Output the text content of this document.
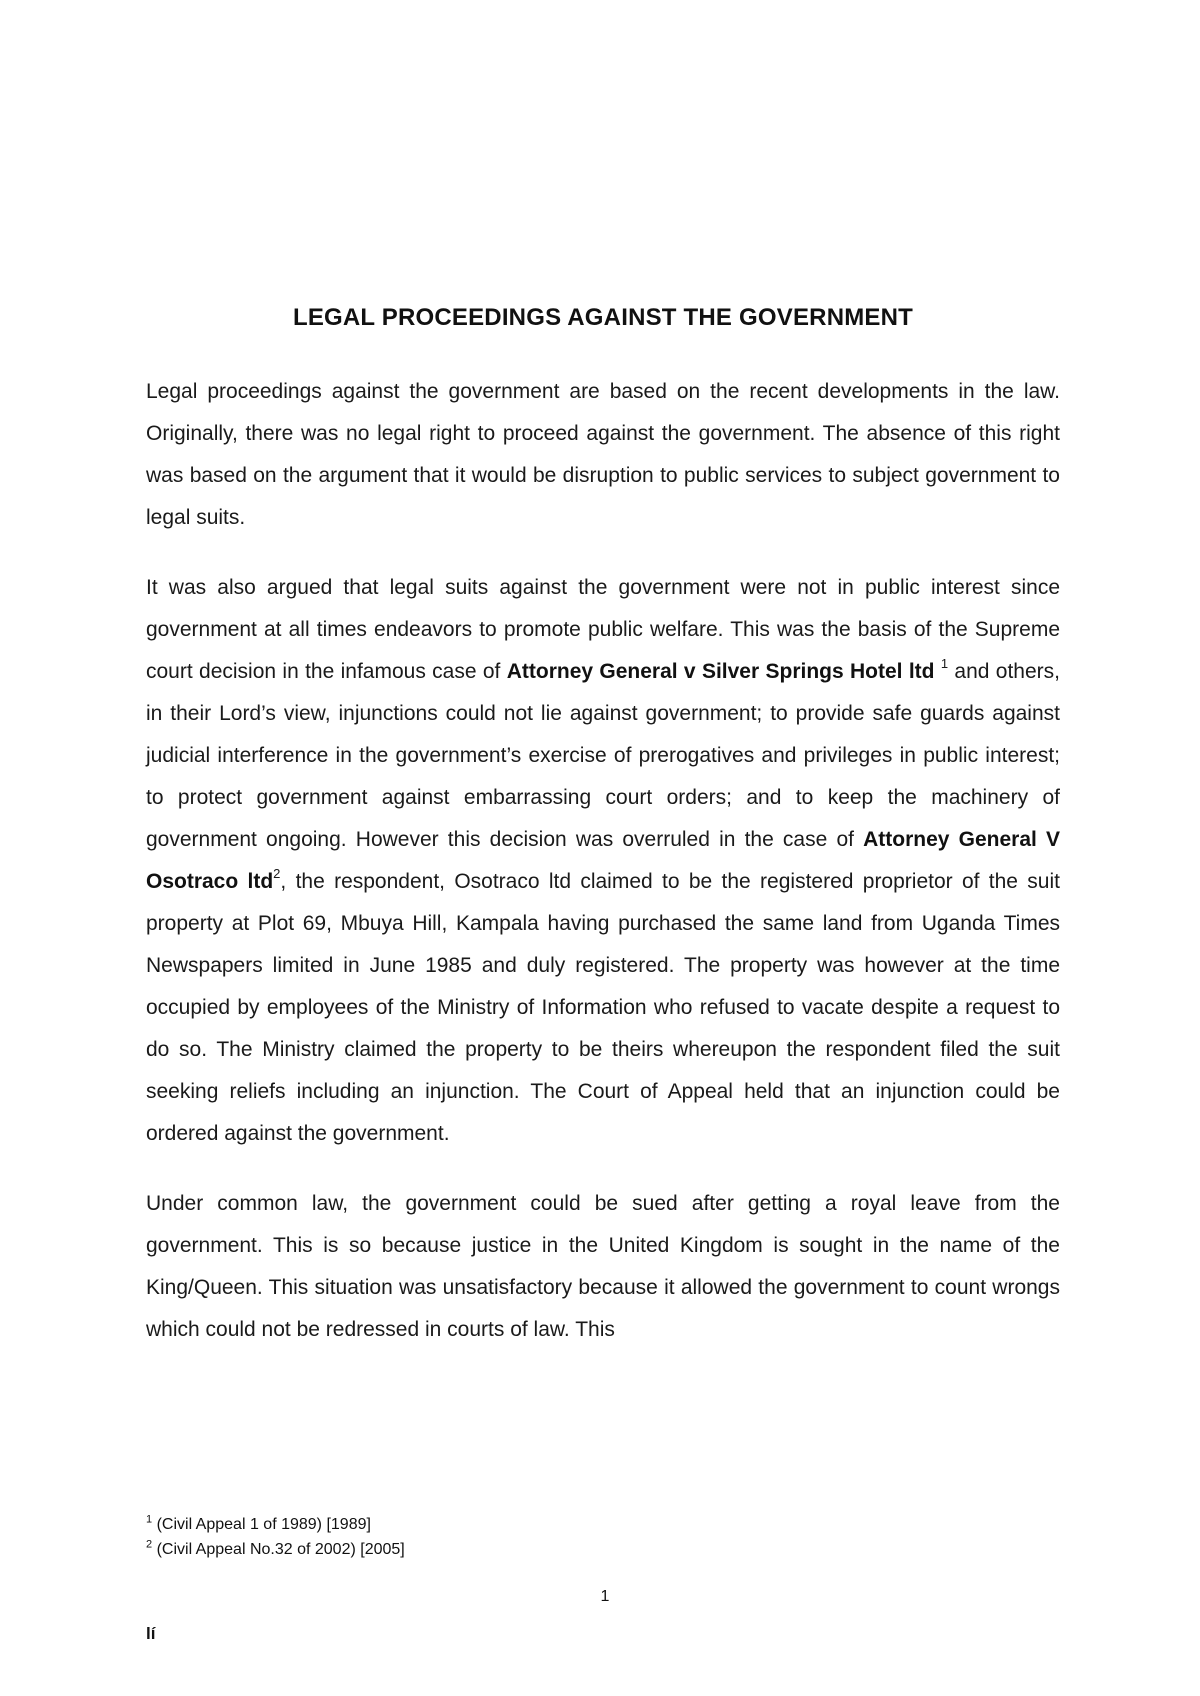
LEGAL PROCEEDINGS AGAINST THE GOVERNMENT

Legal proceedings against the government are based on the recent developments in the law. Originally, there was no legal right to proceed against the government. The absence of this right was based on the argument that it would be disruption to public services to subject government to legal suits.

It was also argued that legal suits against the government were not in public interest since government at all times endeavors to promote public welfare. This was the basis of the Supreme court decision in the infamous case of Attorney General v Silver Springs Hotel ltd $^1$ and others, in their Lord’s view, injunctions could not lie against government; to provide safe guards against judicial interference in the government’s exercise of prerogatives and privileges in public interest; to protect government against embarrassing court orders; and to keep the machinery of government ongoing. However this decision was overruled in the case of Attorney General V Osotraco ltd$^2$, the respondent, Osotraco ltd claimed to be the registered proprietor of the suit property at Plot 69, Mbuya Hill, Kampala having purchased the same land from Uganda Times Newspapers limited in June 1985 and duly registered. The property was however at the time occupied by employees of the Ministry of Information who refused to vacate despite a request to do so. The Ministry claimed the property to be theirs whereupon the respondent filed the suit seeking reliefs including an injunction. The Court of Appeal held that an injunction could be ordered against the government.

Under common law, the government could be sued after getting a royal leave from the government. This is so because justice in the United Kingdom is sought in the name of the King/Queen. This situation was unsatisfactory because it allowed the government to count wrongs which could not be redressed in courts of law. This

$^1$ (Civil Appeal 1 of 1989) [1989]

$^2$ (Civil Appeal No.32 of 2002) [2005]

1
lí
